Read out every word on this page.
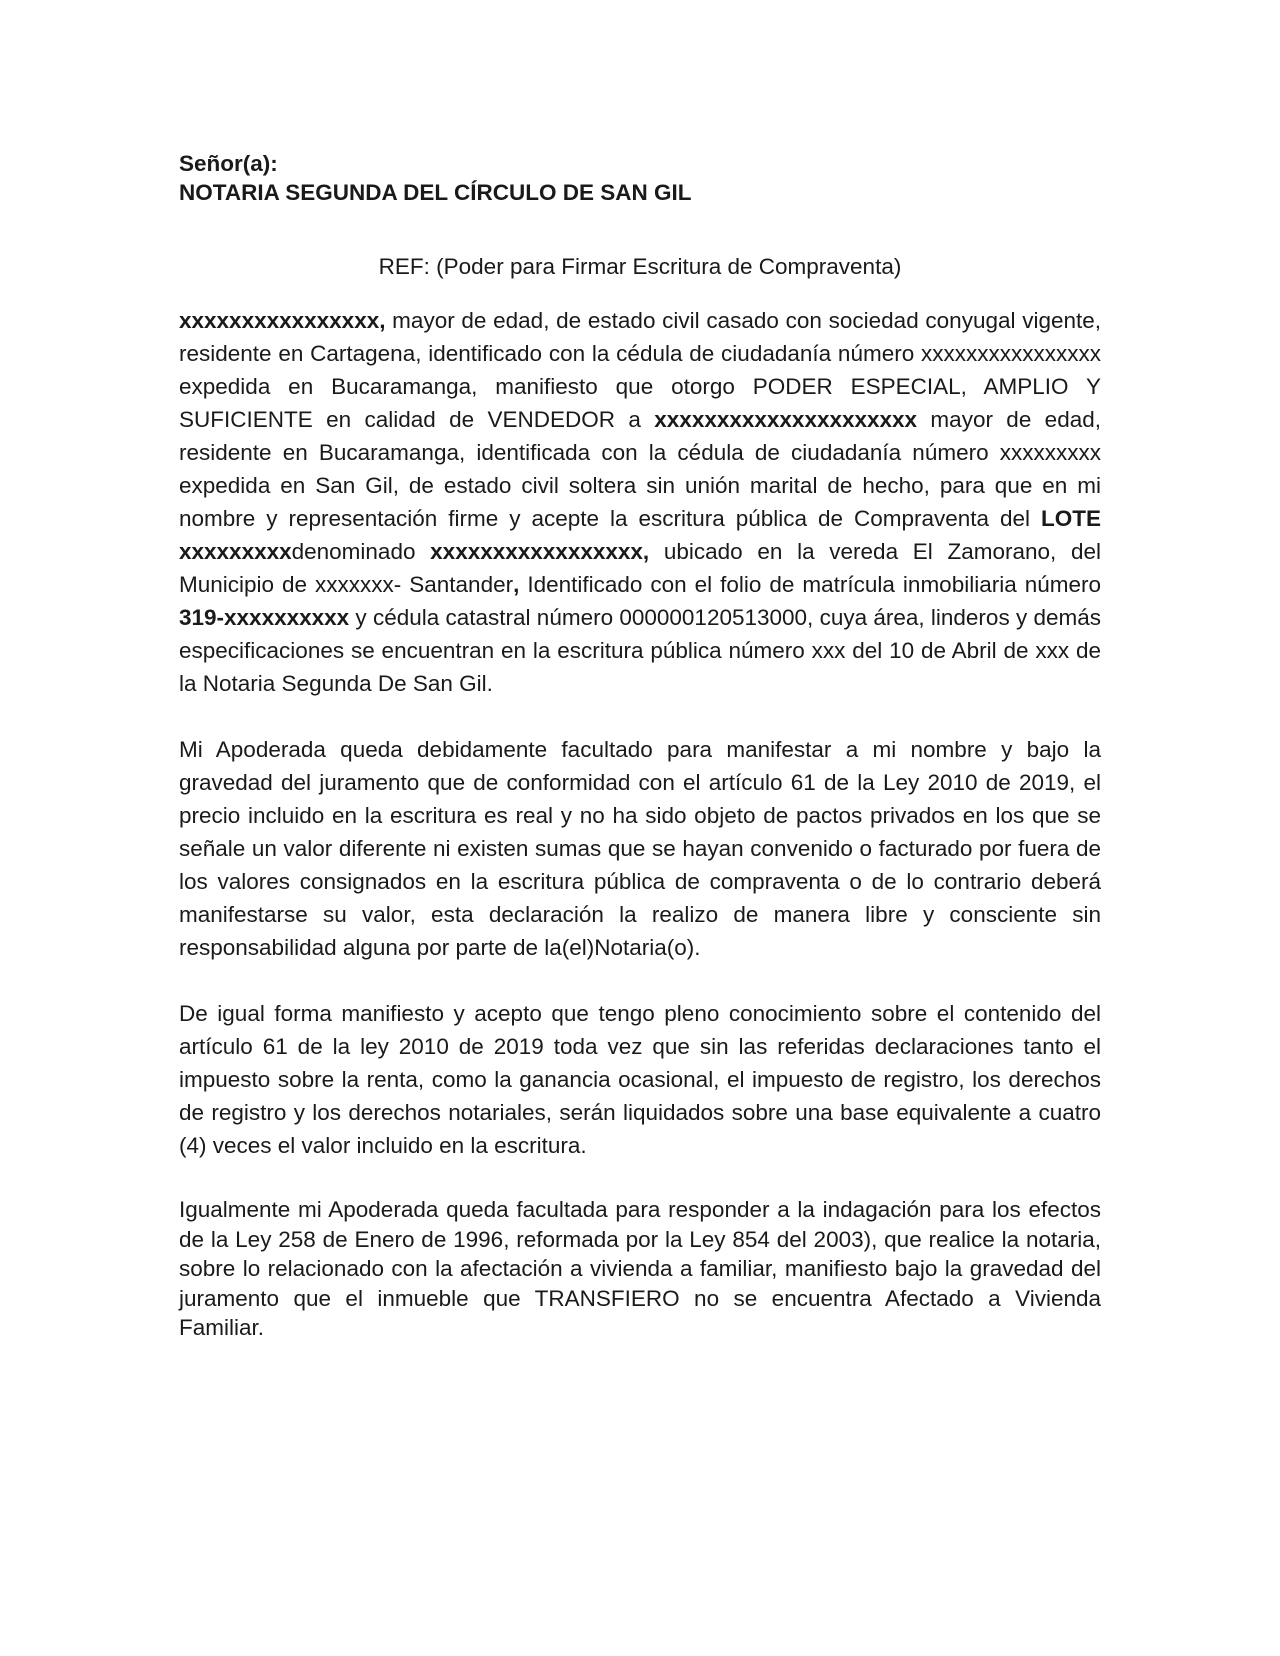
Señor(a):
NOTARIA SEGUNDA DEL CÍRCULO DE SAN GIL
REF: (Poder para Firmar Escritura de Compraventa)

xxxxxxxxxxxxxxxx, mayor de edad, de estado civil casado con sociedad conyugal vigente, residente en Cartagena, identificado con la cédula de ciudadanía número xxxxxxxxxxxxxxxx expedida en Bucaramanga, manifiesto que otorgo PODER ESPECIAL, AMPLIO Y SUFICIENTE en calidad de VENDEDOR a xxxxxxxxxxxxxxxxxxxxx mayor de edad, residente en Bucaramanga, identificada con la cédula de ciudadanía número xxxxxxxxx expedida en San Gil, de estado civil soltera sin unión marital de hecho, para que en mi nombre y representación firme y acepte la escritura pública de Compraventa del LOTE xxxxxxxxxdenominado xxxxxxxxxxxxxxxxx, ubicado en la vereda El Zamorano, del Municipio de xxxxxxx- Santander, Identificado con el folio de matrícula inmobiliaria número 319-xxxxxxxxxx y cédula catastral número 000000120513000, cuya área, linderos y demás especificaciones se encuentran en la escritura pública número xxx del 10 de Abril de xxx de la Notaria Segunda De San Gil.

Mi Apoderada queda debidamente facultado para manifestar a mi nombre y bajo la gravedad del juramento que de conformidad con el artículo 61 de la Ley 2010 de 2019, el precio incluido en la escritura es real y no ha sido objeto de pactos privados en los que se señale un valor diferente ni existen sumas que se hayan convenido o facturado por fuera de los valores consignados en la escritura pública de compraventa o de lo contrario deberá manifestarse su valor, esta declaración la realizo de manera libre y consciente sin responsabilidad alguna por parte de la(el)Notaria(o).

De igual forma manifiesto y acepto que tengo pleno conocimiento sobre el contenido del artículo 61 de la ley 2010 de 2019 toda vez que sin las referidas declaraciones tanto el impuesto sobre la renta, como la ganancia ocasional, el impuesto de registro, los derechos de registro y los derechos notariales, serán liquidados sobre una base equivalente a cuatro (4) veces el valor incluido en la escritura.

Igualmente mi Apoderada queda facultada para responder a la indagación para los efectos de la Ley 258 de Enero de 1996, reformada por la Ley 854 del 2003), que realice la notaria, sobre lo relacionado con la afectación a vivienda a familiar, manifiesto bajo la gravedad del juramento que el inmueble que TRANSFIERO no se encuentra Afectado a Vivienda Familiar.
